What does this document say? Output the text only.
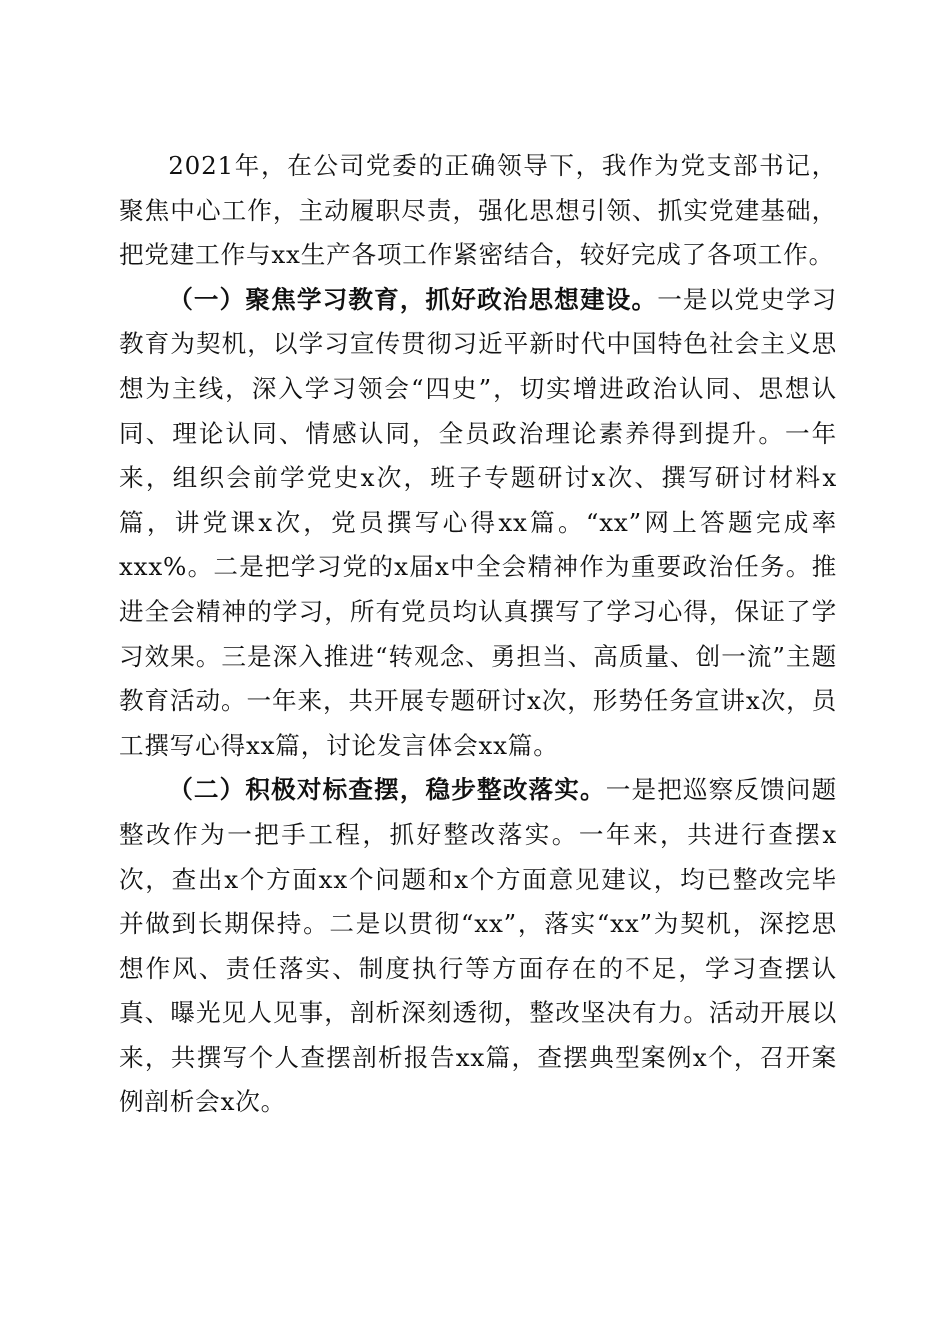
2021年，在公司党委的正确领导下，我作为党支部书记，聚焦中心工作，主动履职尽责，强化思想引领、抓实党建基础，把党建工作与xx生产各项工作紧密结合，较好完成了各项工作。

（一）聚焦学习教育，抓好政治思想建设。一是以党史学习教育为契机，以学习宣传贯彻习近平新时代中国特色社会主义思想为主线，深入学习领会“四史”，切实增进政治认同、思想认同、理论认同、情感认同，全员政治理论素养得到提升。一年来，组织会前学党史x次，班子专题研讨x次、撰写研讨材料x篇，讲党课x次，党员撰写心得xx篇。“xx”网上答题完成率xxx%。二是把学习党的x届x中全会精神作为重要政治任务。推进全会精神的学习，所有党员均认真撰写了学习心得，保证了学习效果。三是深入推进“转观念、勇担当、高质量、创一流”主题教育活动。一年来，共开展专题研讨x次，形势任务宣讲x次，员工撰写心得xx篇，讨论发言体会xx篇。

（二）积极对标查摆，稳步整改落实。一是把巡察反馈问题整改作为一把手工程，抓好整改落实。一年来，共进行查摆x次，查出x个方面xx个问题和x个方面意见建议，均已整改完毕并做到长期保持。二是以贯彻“xx”，落实“xx”为契机，深挖思想作风、责任落实、制度执行等方面存在的不足，学习查摆认真、曝光见人见事，剖析深刻透彻，整改坚决有力。活动开展以来，共撰写个人查摆剖析报告xx篇，查摆典型案例x个，召开案例剖析会x次。
